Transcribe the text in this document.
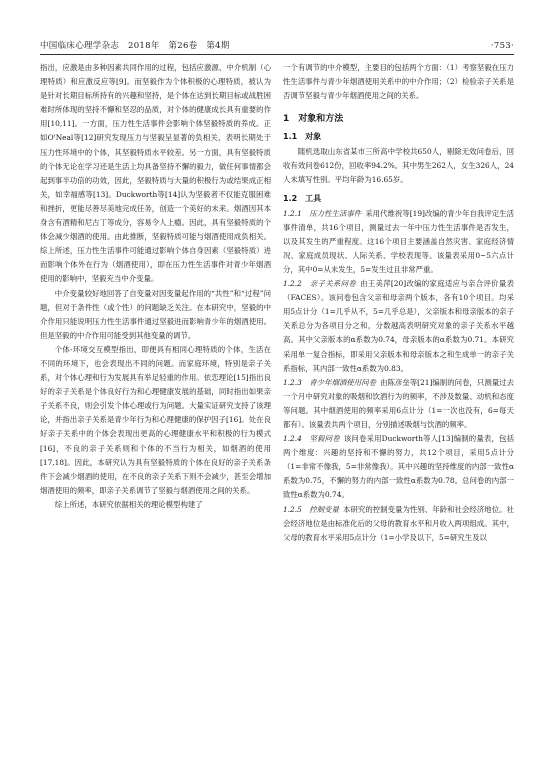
中国临床心理学杂志　2018年　第26卷　第4期	·753·

指出，应激是由多种因素共同作用的过程，包括应激源、中介机制（心理特质）和应激反应等[9]。而坚毅作为个体积极的心理特质，被认为是针对长期目标所持有的兴趣和坚持，是个体在达到长期目标或战胜困难时所体现的坚持不懈和坚忍的品质，对个体的健康成长具有重要的作用[10,11]。一方面，压力性生活事件会影响个体坚毅特质的养成。正如O'Neal等[12]研究发现压力与坚毅呈显著的负相关，表明长期处于压力性环境中的个体，其坚毅特质水平较差。另一方面，具有坚毅特质的个体无论在学习还是生活上均具备坚持不懈的毅力，做任何事情都会起到事半功倍的功效，因此，坚毅特质与大量的积极行为或结果成正相关，如幸福感等[13]。Duckworth等[14]认为坚毅者不仅能克服困难和挫折，更能尽善尽美地完成任务，创造一个美好的未来。烟酒因其本身含有酒精和尼古丁等成分，容易令人上瘾。因此，具有坚毅特质的个体会减少烟酒的使用。由此推断，坚毅特质可能与烟酒使用成负相关。综上所述，压力性生活事件可能通过影响个体自身因素（坚毅特质）进而影响个体外在行为（烟酒使用），即在压力性生活事件对青少年烟酒使用的影响中，坚毅充当中介变量。

中介变量较好地回答了自变量对因变量起作用的“共性”和“过程”问题，但对于条件性（或个性）的问题缺乏关注。在本研究中，坚毅的中介作用只能说明压力性生活事件通过坚毅进而影响青少年的烟酒使用。但是坚毅的中介作用可能受到其他变量的调节。

个体-环境交互模型指出，即便具有相同心理特质的个体，生活在不同的环境下，也会表现出不同的问题。而家庭环境，特别是亲子关系，对个体心理和行为发展具有举足轻重的作用。依恋理论[15]指出良好的亲子关系是个体良好行为和心理健康发展的基础，同时指出如果亲子关系不良，则会引发个体心理或行为问题。大量实证研究支持了该理论，并指出亲子关系是青少年行为和心理健康的保护因子[16]。处在良好亲子关系中的个体会表现出更高的心理健康水平和积极的行为模式[16]，不良的亲子关系则和个体的不当行为相关，如烟酒的使用[17,18]。因此，本研究认为具有坚毅特质的个体在良好的亲子关系条件下会减少烟酒的使用，在不良的亲子关系下则不会减少，甚至会增加烟酒使用的频率，即亲子关系调节了坚毅与烟酒使用之间的关系。

综上所述，本研究依据相关的理论模型构建了

一个有调节的中介模型，主要目的包括两个方面：（1）考察坚毅在压力性生活事件与青少年烟酒使用关系中的中介作用；（2）检验亲子关系是否调节坚毅与青少年烟酒使用之间的关系。

1　对象和方法
1.1　对象

随机选取山东省某市三所高中学校共650人，剔除无效问卷后，回收有效问卷612份，回收率94.2%。其中男生262人，女生326人，24人未填写性别。平均年龄为16.65岁。

1.2　工具

1.2.1　压力性生活事件 采用代维祝等[19]改编的青少年自我评定生活事件清单，共16个项目，测量过去一年中压力性生活事件是否发生，以及其发生的严重程度。这16个项目主要涵盖自然灾害、家庭经济情况、家庭成员现状、人际关系、学校表现等。该量表采用0~5六点计分，其中0=从未发生，5=发生过且非常严重。

1.2.2　亲子关系问卷 由王美萍[20]改编的家庭适应与亲合评价量表（FACES）。该问卷包含父亲和母亲两个版本，各有10个项目。均采用5点计分（1=几乎从不，5=几乎总是），父亲版本和母亲版本的亲子关系总分为各项目分之和，分数越高表明研究对象的亲子关系水平越高。其中父亲版本的α系数为0.74，母亲版本的α系数为0.71。本研究采用单一复合指标，即采用父亲版本和母亲版本之和生成单一的亲子关系指标，其内部一致性α系数为0.83。

1.2.3　青少年烟酒使用问卷 由陈彦垒等[21]编制的问卷，只测量过去一个月中研究对象的吸烟和饮酒行为的频率，不涉及数量、动机和态度等问题。其中烟酒使用的频率采用6点计分（1=一次也没有，6=每天都有）。该量表共两个项目，分别描述吸烟与饮酒的频率。

1.2.4　坚毅问卷 该问卷采用Duckworth等人[13]编制的量表，包括两个维度：兴趣的坚持和不懈的努力，共12个项目，采用5点计分（1=非常不像我，5=非常像我）。其中兴趣的坚持维度的内部一致性α系数为0.75，不懈的努力的内部一致性α系数为0.78。总问卷的内部一致性α系数为0.74。

1.2.5　控制变量 本研究的控制变量为性别、年龄和社会经济地位。社会经济地位是由标准化后的父母的教育水平和月收入两项组成。其中，父母的教育水平采用5点计分（1=小学及以下，5=研究生及以
